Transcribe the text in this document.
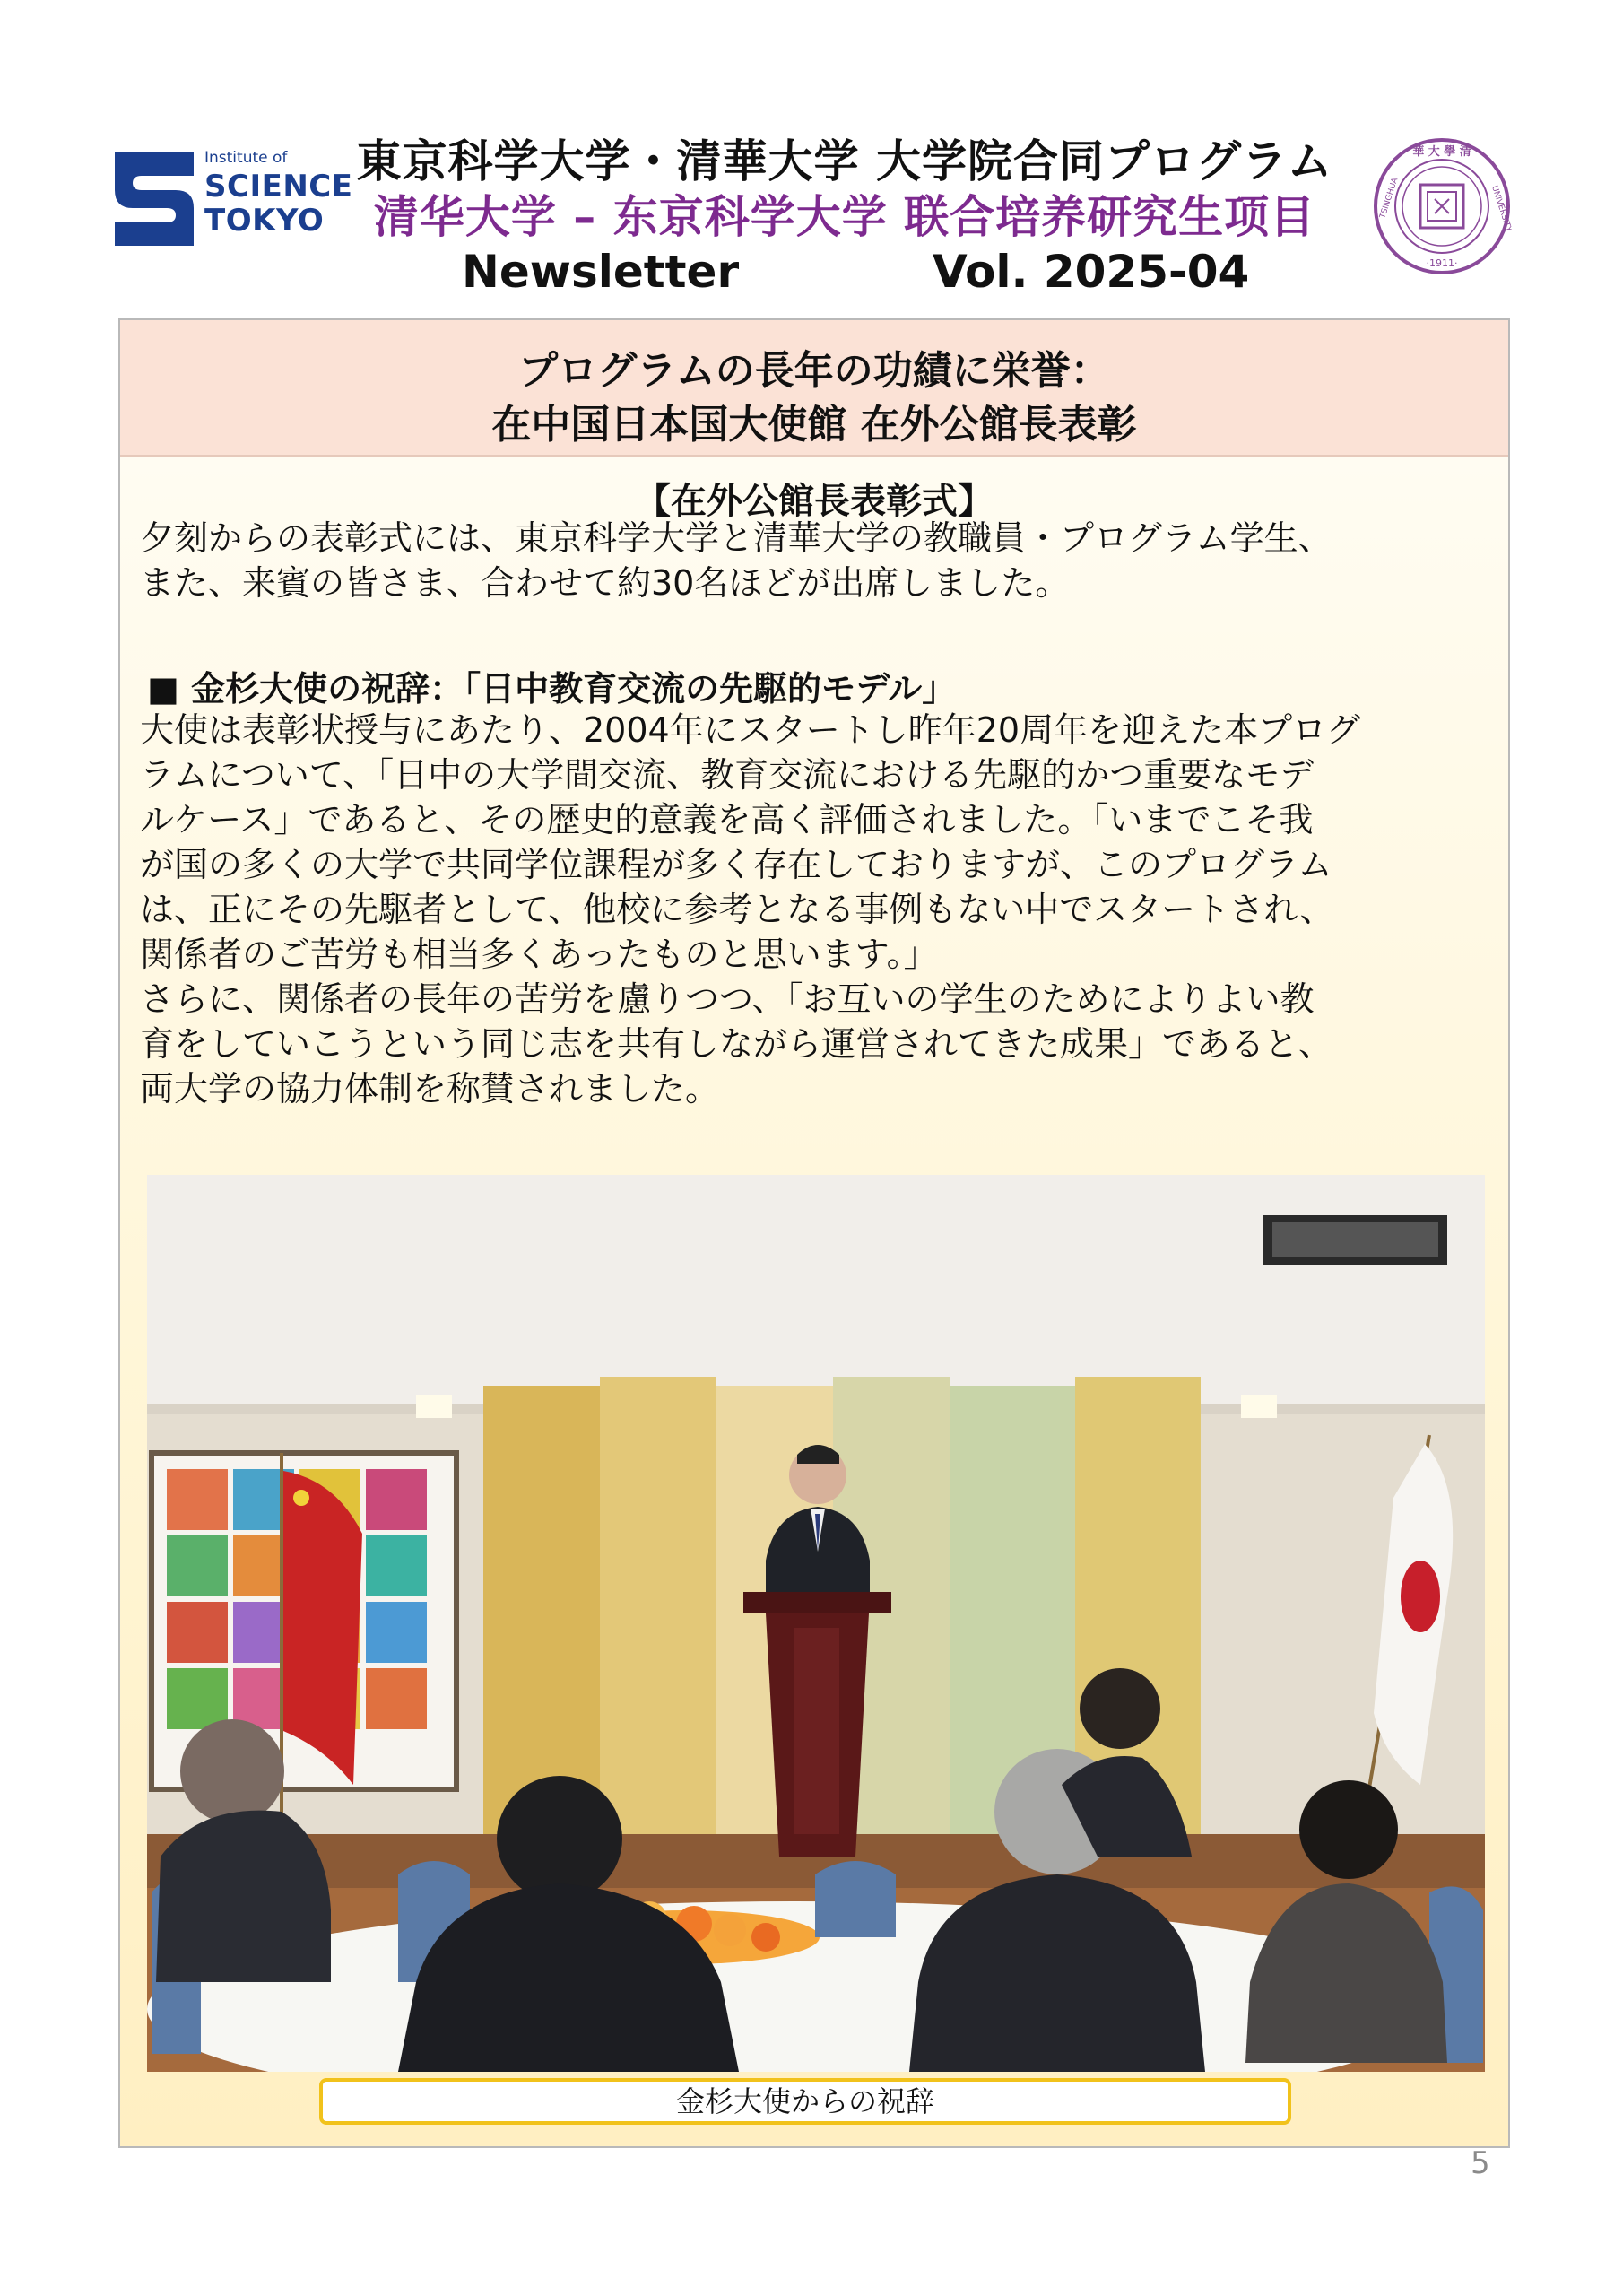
Institute of
SCIENCE
TOKYO
東京科学大学・清華大学 大学院合同プログラム
清华大学 – 东京科学大学 联合培养研究生项目
Newsletter	Vol. 2025-04
華 大 學 清
·1911·
TSINGHUA	UNIVERSITY
プログラムの長年の功績に栄誉：
在中国日本国大使館 在外公館長表彰
【在外公館長表彰式】
夕刻からの表彰式には、東京科学大学と清華大学の教職員・プログラム学生、
また、来賓の皆さま、合わせて約30名ほどが出席しました。
■ 金杉大使の祝辞：「日中教育交流の先駆的モデル」
大使は表彰状授与にあたり、2004年にスタートし昨年20周年を迎えた本プログ
ラムについて、「日中の大学間交流、教育交流における先駆的かつ重要なモデ
ルケース」であると、その歴史的意義を高く評価されました。「いまでこそ我
が国の多くの大学で共同学位課程が多く存在しておりますが、このプログラム
は、正にその先駆者として、他校に参考となる事例もない中でスタートされ、
関係者のご苦労も相当多くあったものと思います。」
さらに、関係者の長年の苦労を慮りつつ、「お互いの学生のためによりよい教
育をしていこうという同じ志を共有しながら運営されてきた成果」であると、
両大学の協力体制を称賛されました。
金杉大使からの祝辞
5
